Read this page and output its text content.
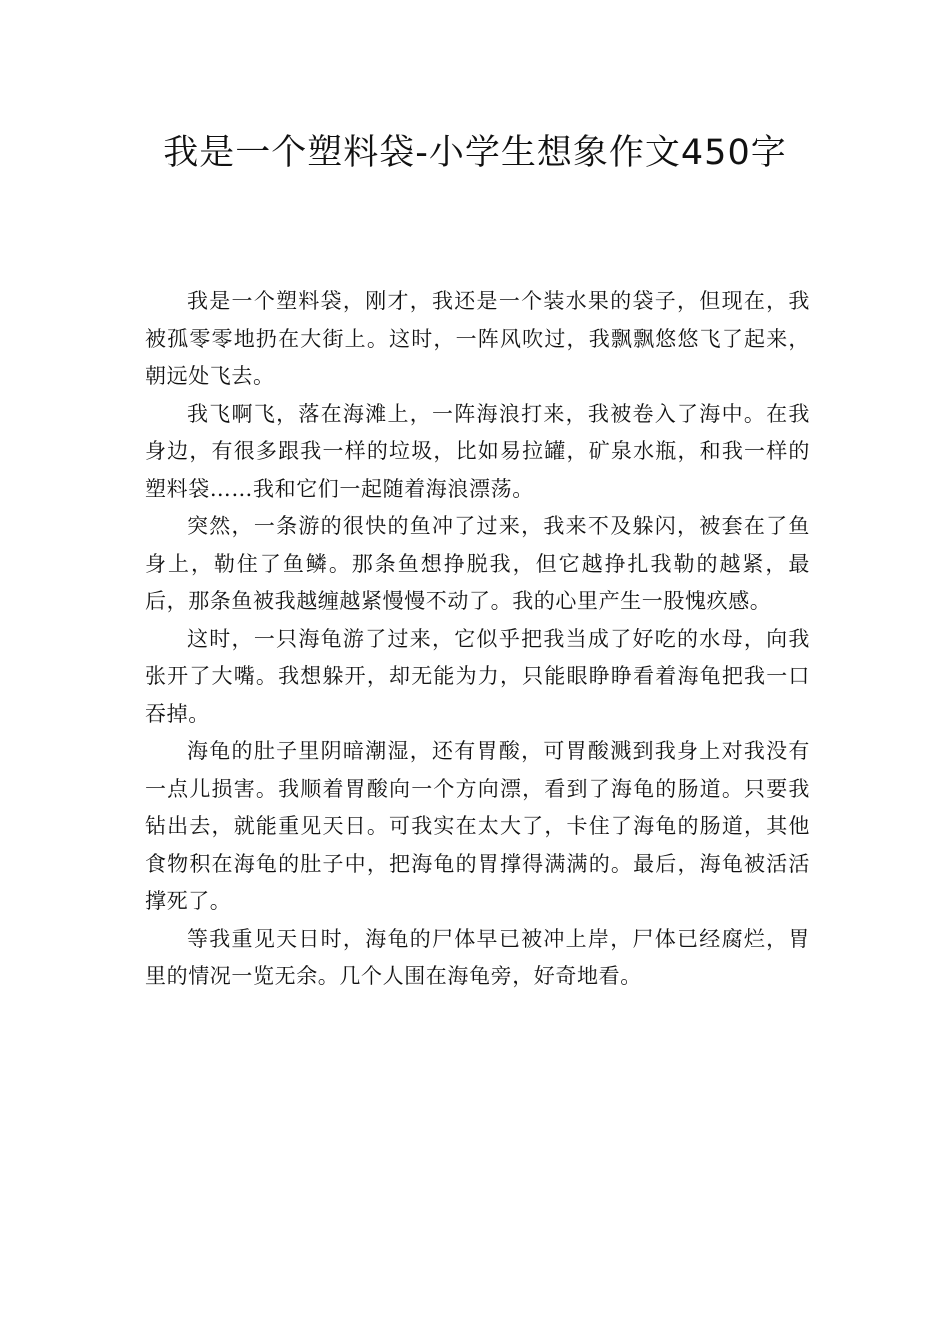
我是一个塑料袋-小学生想象作文450字

我是一个塑料袋，刚才，我还是一个装水果的袋子，但现在，我被孤零零地扔在大街上。这时，一阵风吹过，我飘飘悠悠飞了起来，朝远处飞去。

我飞啊飞，落在海滩上，一阵海浪打来，我被卷入了海中。在我身边，有很多跟我一样的垃圾，比如易拉罐，矿泉水瓶，和我一样的塑料袋……我和它们一起随着海浪漂荡。

突然，一条游的很快的鱼冲了过来，我来不及躲闪，被套在了鱼身上，勒住了鱼鳞。那条鱼想挣脱我，但它越挣扎我勒的越紧，最后，那条鱼被我越缠越紧慢慢不动了。我的心里产生一股愧疚感。

这时，一只海龟游了过来，它似乎把我当成了好吃的水母，向我张开了大嘴。我想躲开，却无能为力，只能眼睁睁看着海龟把我一口吞掉。

海龟的肚子里阴暗潮湿，还有胃酸，可胃酸溅到我身上对我没有一点儿损害。我顺着胃酸向一个方向漂，看到了海龟的肠道。只要我钻出去，就能重见天日。可我实在太大了，卡住了海龟的肠道，其他食物积在海龟的肚子中，把海龟的胃撑得满满的。最后，海龟被活活撑死了。

等我重见天日时，海龟的尸体早已被冲上岸，尸体已经腐烂，胃里的情况一览无余。几个人围在海龟旁，好奇地看。
